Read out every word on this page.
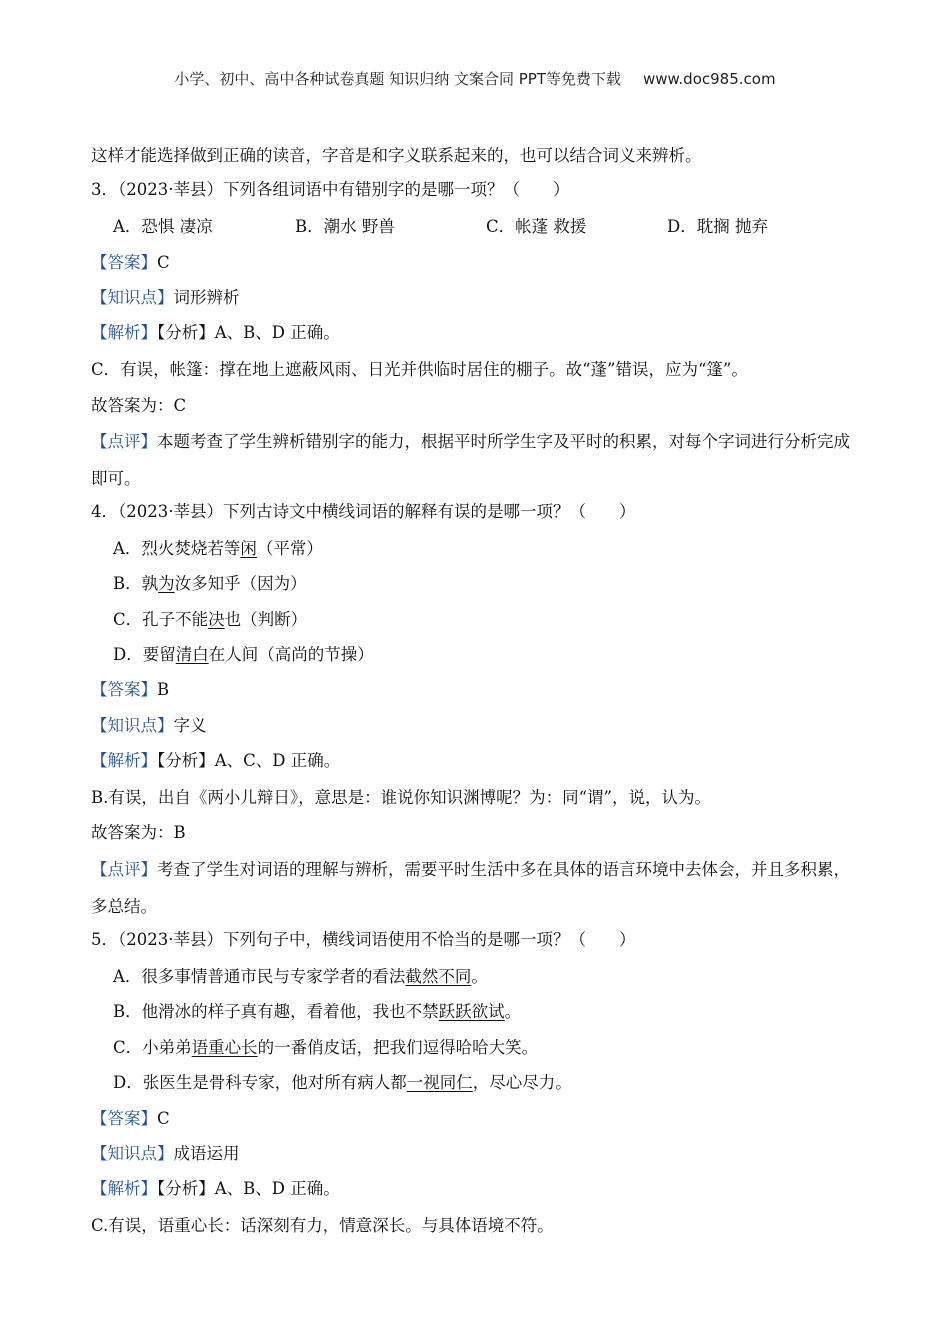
小学、初中、高中各种试卷真题 知识归纳 文案合同 PPT等免费下载 www.doc985.com

这样才能选择做到正确的读音，字音是和字义联系起来的，也可以结合词义来辨析。

3．（2023·莘县）下列各组词语中有错别字的是哪一项？（　　）

A．恐惧 凄凉	B．潮水 野兽	C．帐蓬 救援	D．耽搁 抛弃

【答案】C

【知识点】词形辨析

【解析】【分析】A、B、D 正确。

C．有误，帐篷：撑在地上遮蔽风雨、日光并供临时居住的棚子。故“蓬”错误，应为“篷”。

故答案为：C

【点评】本题考查了学生辨析错别字的能力，根据平时所学生字及平时的积累，对每个字词进行分析完成即可。

4．（2023·莘县）下列古诗文中横线词语的解释有误的是哪一项？（　　）

A．烈火焚烧若等闲（平常）

B．孰为汝多知乎（因为）

C．孔子不能决也（判断）

D．要留清白在人间（高尚的节操）

【答案】B

【知识点】字义

【解析】【分析】A、C、D 正确。

B.有误，出自《两小儿辩日》，意思是：谁说你知识渊博呢？为：同“谓”，说，认为。

故答案为：B

【点评】考查了学生对词语的理解与辨析，需要平时生活中多在具体的语言环境中去体会，并且多积累，多总结。

5．（2023·莘县）下列句子中，横线词语使用不恰当的是哪一项？（　　）

A．很多事情普通市民与专家学者的看法截然不同。

B．他滑冰的样子真有趣，看着他，我也不禁跃跃欲试。

C．小弟弟语重心长的一番俏皮话，把我们逗得哈哈大笑。

D．张医生是骨科专家，他对所有病人都一视同仁，尽心尽力。

【答案】C

【知识点】成语运用

【解析】【分析】A、B、D 正确。

C.有误，语重心长：话深刻有力，情意深长。与具体语境不符。
